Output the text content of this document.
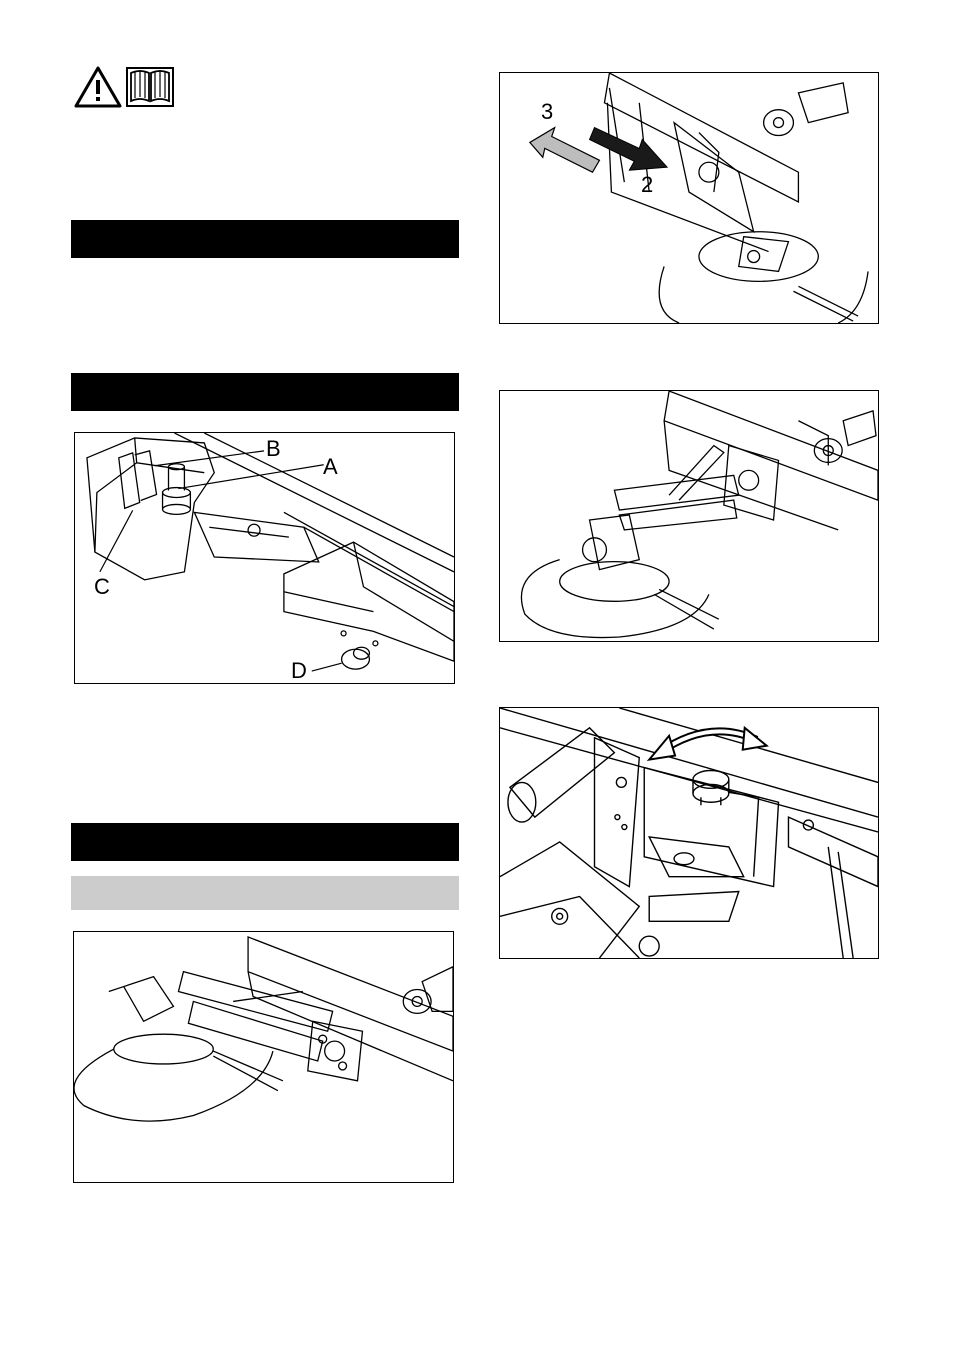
B
A
C
D
3
2
